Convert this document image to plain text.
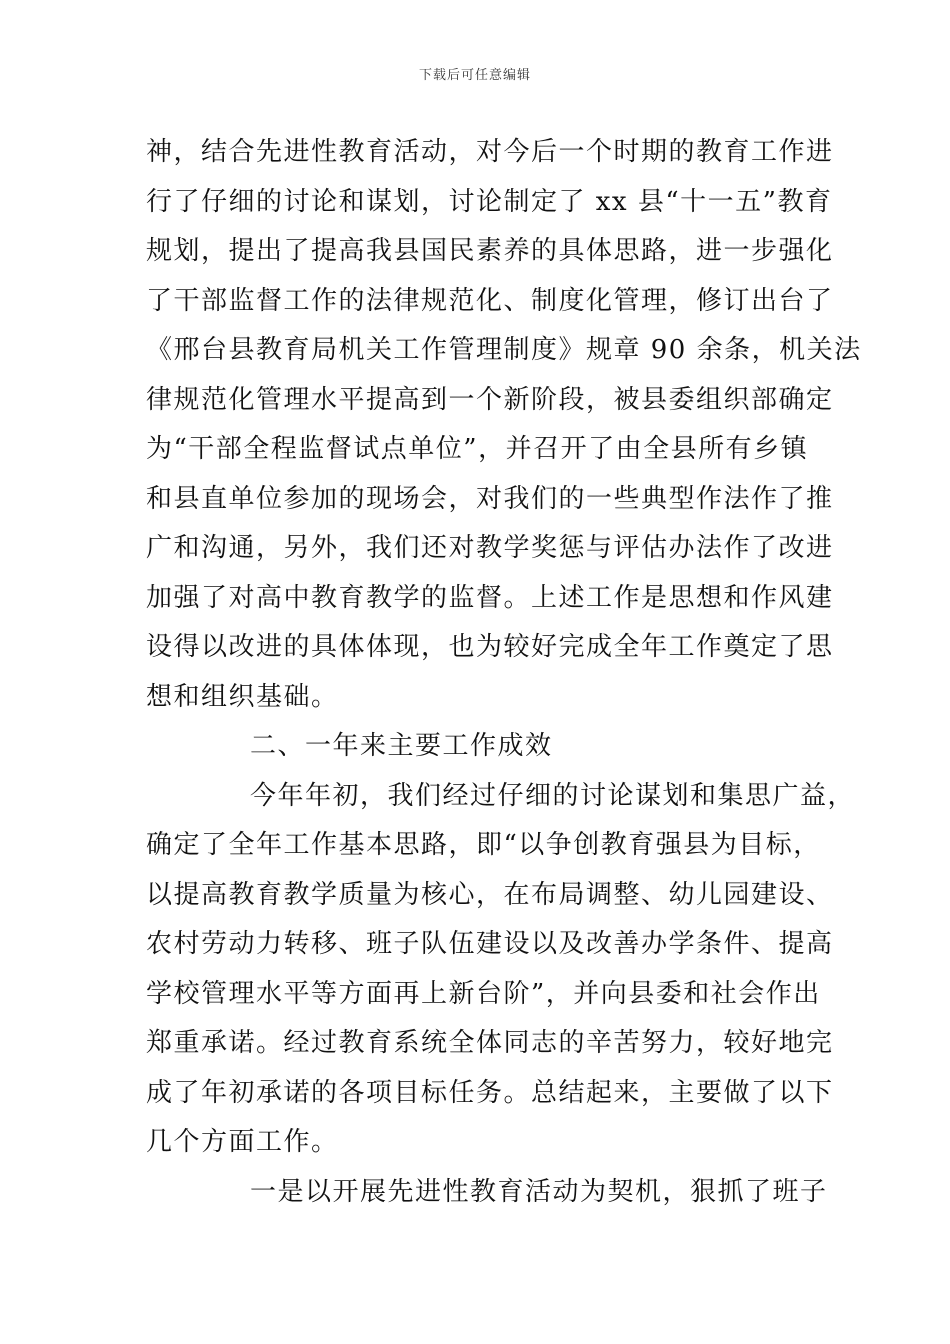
下载后可任意编辑
神，结合先进性教育活动，对今后一个时期的教育工作进
行了仔细的讨论和谋划，讨论制定了 xx 县“十一五”教育
规划，提出了提高我县国民素养的具体思路，进一步强化
了干部监督工作的法律规范化、制度化管理，修订出台了
《邢台县教育局机关工作管理制度》规章 90 余条，机关法
律规范化管理水平提高到一个新阶段，被县委组织部确定
为“干部全程监督试点单位”，并召开了由全县所有乡镇
和县直单位参加的现场会，对我们的一些典型作法作了推
广和沟通，另外，我们还对教学奖惩与评估办法作了改进
加强了对高中教育教学的监督。上述工作是思想和作风建
设得以改进的具体体现，也为较好完成全年工作奠定了思
想和组织基础。
二、一年来主要工作成效
今年年初，我们经过仔细的讨论谋划和集思广益，
确定了全年工作基本思路，即“以争创教育强县为目标，
以提高教育教学质量为核心，在布局调整、幼儿园建设、
农村劳动力转移、班子队伍建设以及改善办学条件、提高
学校管理水平等方面再上新台阶”，并向县委和社会作出
郑重承诺。经过教育系统全体同志的辛苦努力，较好地完
成了年初承诺的各项目标任务。总结起来，主要做了以下
几个方面工作。
一是以开展先进性教育活动为契机，狠抓了班子
